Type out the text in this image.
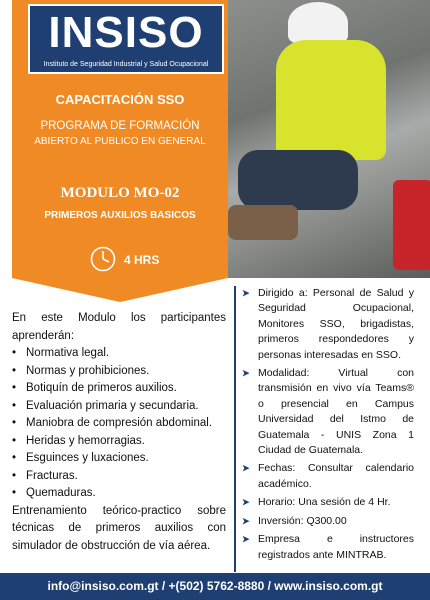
INSISO
Instituto de Seguridad Industrial y Salud Ocupacional
CAPACITACIÓN SSO
PROGRAMA DE FORMACIÓN
ABIERTO AL PUBLICO EN GENERAL
MODULO MO-02
PRIMEROS AUXILIOS BASICOS
4 HRS

En este Modulo los participantes aprenderán:

• Normativa legal.
• Normas y prohibiciones.
• Botiquín de primeros auxilios.
• Evaluación primaria y secundaria.
• Maniobra de compresión abdominal.
• Heridas y hemorragias.
• Esguinces y luxaciones.
• Fracturas.
• Quemaduras.

Entrenamiento teórico-practico sobre técnicas de primeros auxilios con simulador de obstrucción de vía aérea.

➤ Dirigido a: Personal de Salud y Seguridad Ocupacional, Monitores SSO, brigadistas, primeros respondedores y personas interesadas en SSO.
➤ Modalidad: Virtual con transmisión en vivo vía Teams® o presencial en Campus Universidad del Istmo de Guatemala - UNIS Zona 1 Ciudad de Guatemala.
➤ Fechas: Consultar calendario académico.
➤ Horario: Una sesión de 4 Hr.
➤ Inversión: Q300.00
➤ Empresa e instructores registrados ante MINTRAB.
info@insiso.com.gt / +(502) 5762-8880 / www.insiso.com.gt
